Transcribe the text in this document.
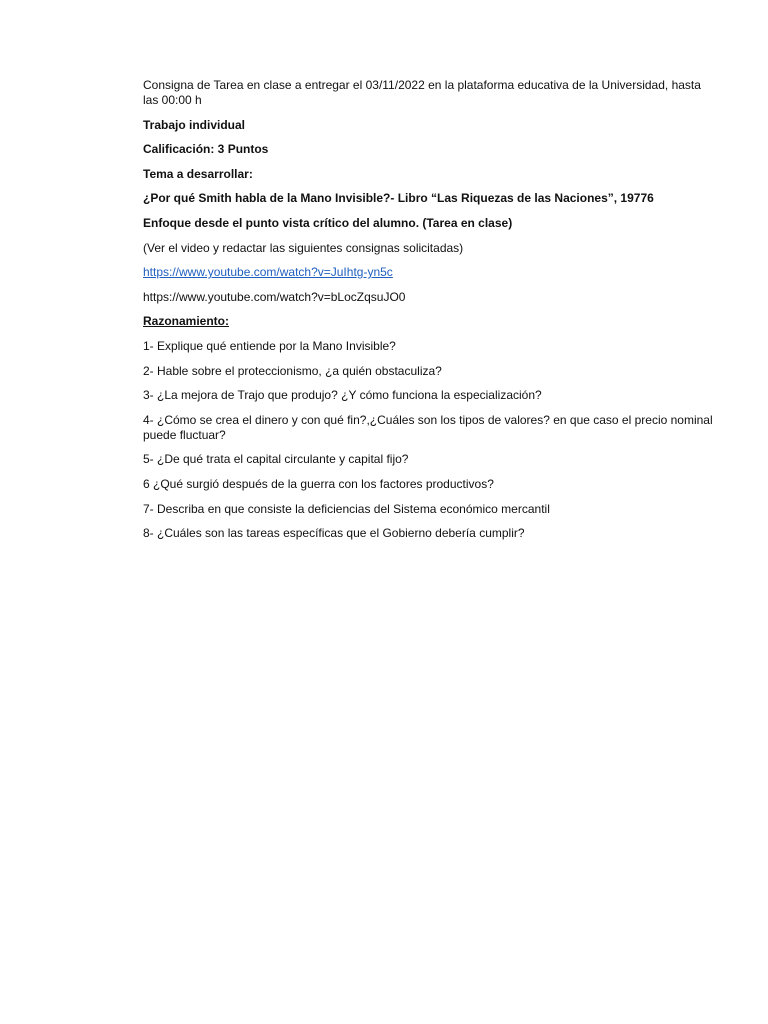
Consigna de Tarea en clase a entregar el 03/11/2022 en la plataforma educativa de la Universidad, hasta las 00:00 h

Trabajo individual

Calificación: 3 Puntos

Tema a desarrollar:

¿Por qué Smith habla de la Mano Invisible?- Libro “Las Riquezas de las Naciones”, 19776

Enfoque desde el punto vista crítico del alumno. (Tarea en clase)

(Ver el video y redactar las siguientes consignas solicitadas)

https://www.youtube.com/watch?v=JuIhtg-yn5c

https://www.youtube.com/watch?v=bLocZqsuJO0

Razonamiento:

1- Explique qué entiende por la Mano Invisible?

2- Hable sobre el proteccionismo, ¿a quién obstaculiza?

3- ¿La mejora de Trajo que produjo? ¿Y cómo funciona la especialización?

4- ¿Cómo se crea el dinero y con qué fin?,¿Cuáles son los tipos de valores? en que caso el precio nominal puede fluctuar?

5- ¿De qué trata el capital circulante y capital fijo?

6 ¿Qué surgió después de la guerra con los factores productivos?

7- Describa en que consiste la deficiencias del Sistema económico mercantil

8- ¿Cuáles son las tareas específicas que el Gobierno debería cumplir?
